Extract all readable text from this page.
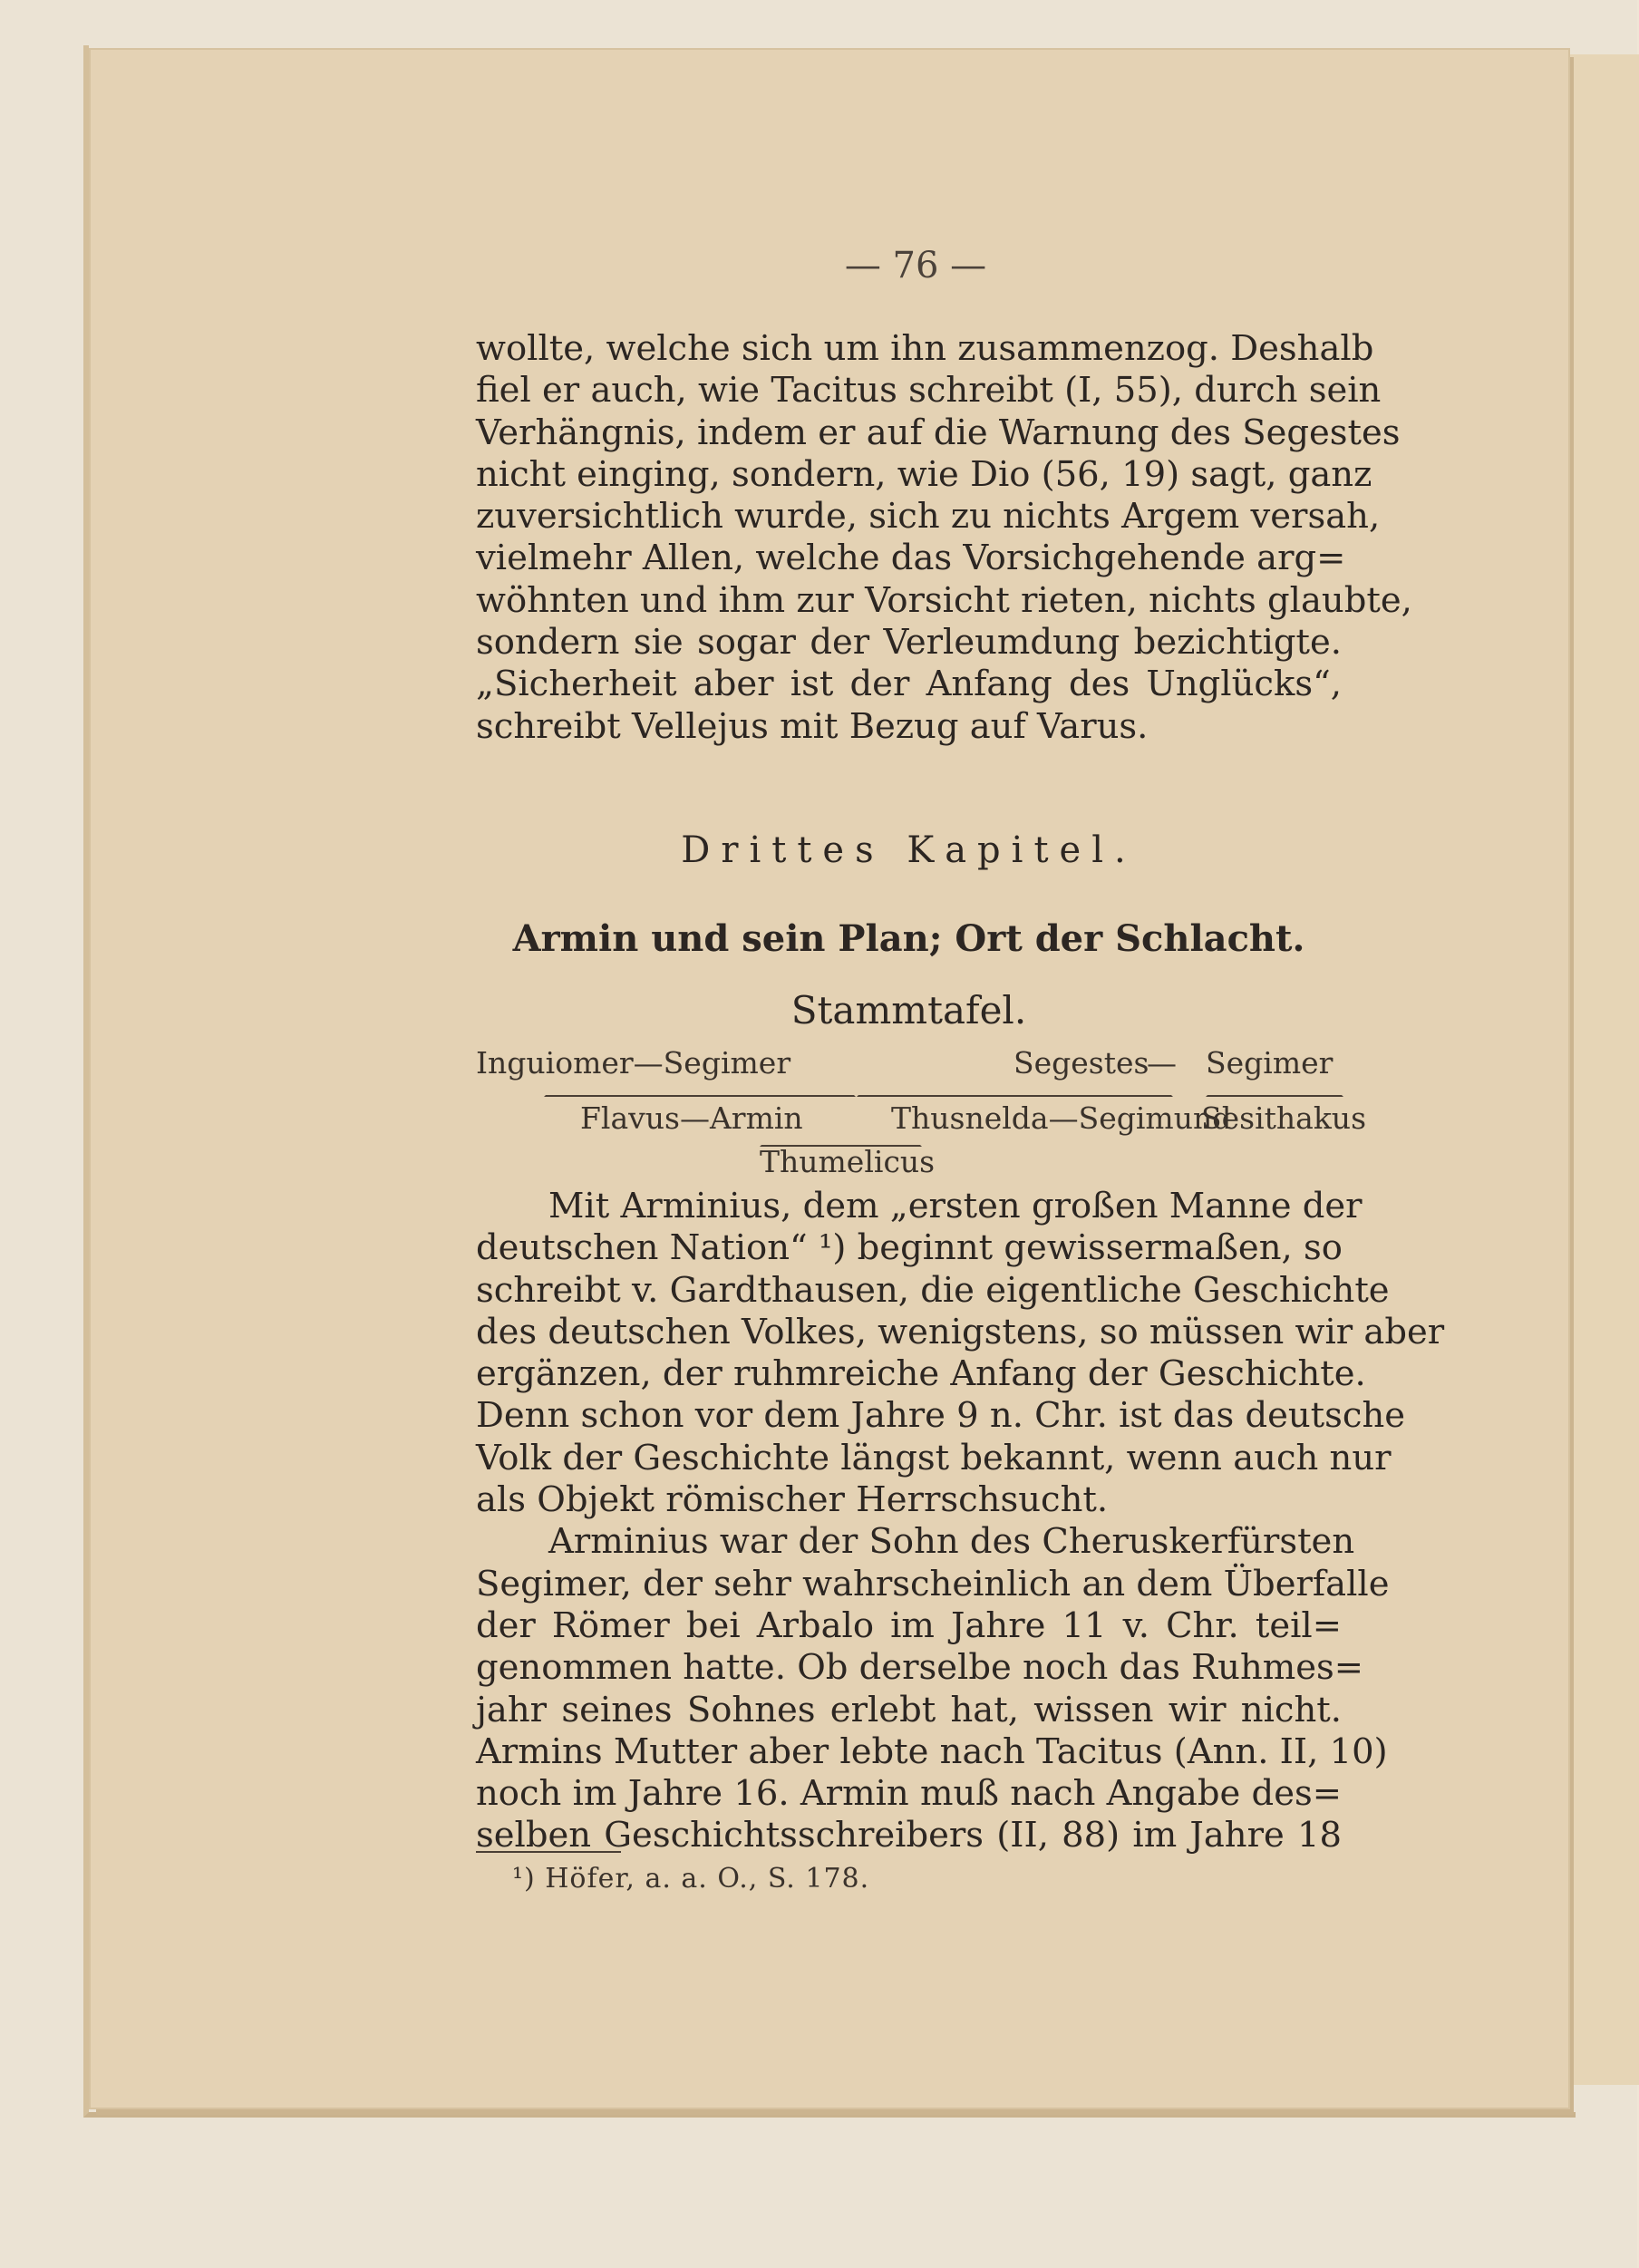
— 76 —
wollte, welche sich um ihn zusammenzog. Deshalb
fiel er auch, wie Tacitus schreibt (I, 55), durch sein
Verhängnis, indem er auf die Warnung des Segestes
nicht einging, sondern, wie Dio (56, 19) sagt, ganz
zuversichtlich wurde, sich zu nichts Argem versah,
vielmehr Allen, welche das Vorsichgehende arg=
wöhnten und ihm zur Vorsicht rieten, nichts glaubte,
sondern sie sogar der Verleumdung bezichtigte.
„Sicherheit aber ist der Anfang des Unglücks“,
schreibt Vellejus mit Bezug auf Varus.
Drittes Kapitel.
Armin und sein Plan; Ort der Schlacht.
Stammtafel.
Inguiomer—Segimer	Segestes
— Segimer
Flavus—Armin	Thusnelda—Segimund
Sesithakus
Thumelicus
Mit Arminius, dem „ersten großen Manne der
deutschen Nation“ ¹) beginnt gewissermaßen, so
schreibt v. Gardthausen, die eigentliche Geschichte
des deutschen Volkes, wenigstens, so müssen wir aber
ergänzen, der ruhmreiche Anfang der Geschichte.
Denn schon vor dem Jahre 9 n. Chr. ist das deutsche
Volk der Geschichte längst bekannt, wenn auch nur
als Objekt römischer Herrschsucht.
Arminius war der Sohn des Cheruskerfürsten
Segimer, der sehr wahrscheinlich an dem Überfalle
der Römer bei Arbalo im Jahre 11 v. Chr. teil=
genommen hatte. Ob derselbe noch das Ruhmes=
jahr seines Sohnes erlebt hat, wissen wir nicht.
Armins Mutter aber lebte nach Tacitus (Ann. II, 10)
noch im Jahre 16. Armin muß nach Angabe des=
selben Geschichtsschreibers (II, 88) im Jahre 18
¹) Höfer, a. a. O., S. 178.
